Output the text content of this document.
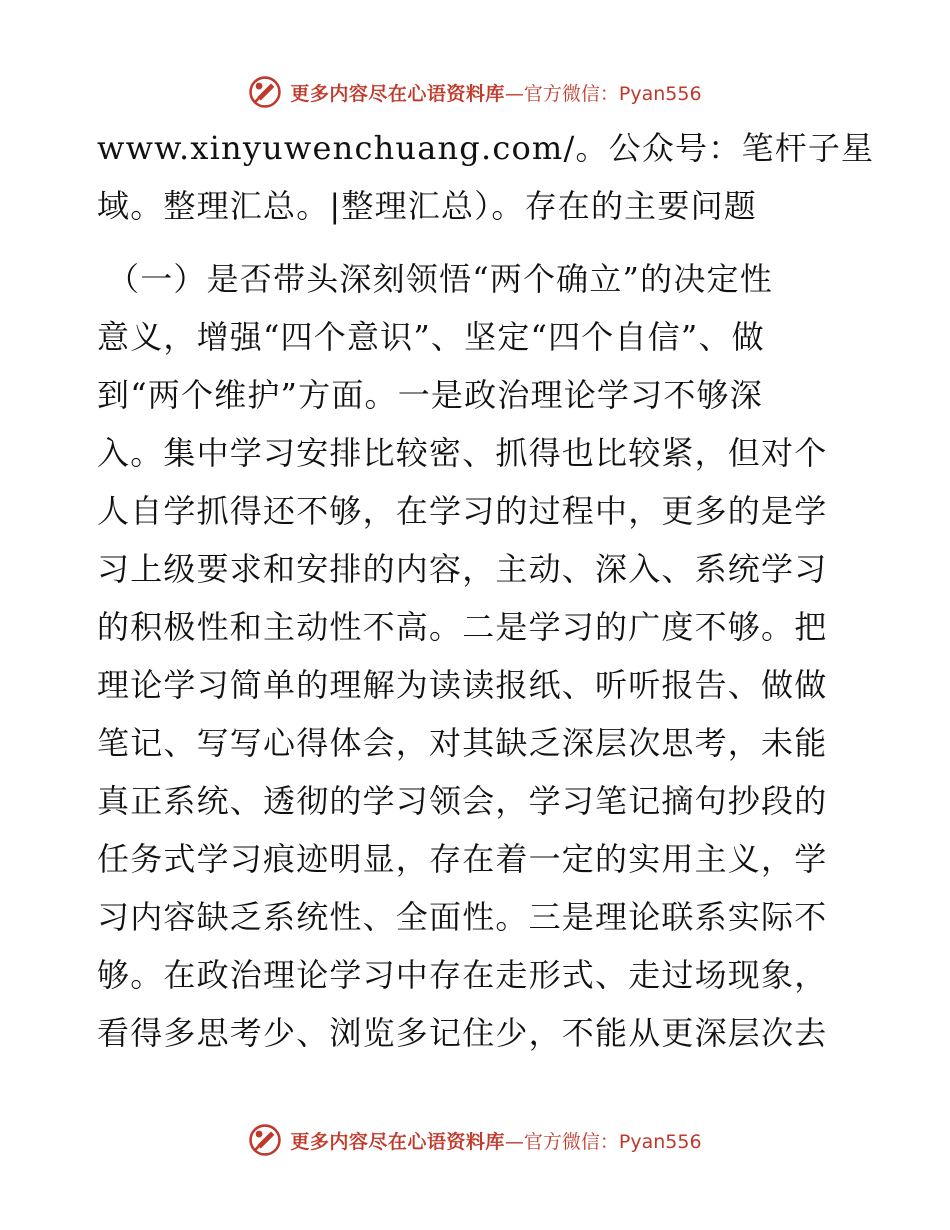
更多内容尽在心语资料库 —官方微信：Pyan556
www.xinyuwenchuang.com/。公众号：笔杆子星
域。整理汇总。|整理汇总）。存在的主要问题
（一）是否带头深刻领悟“两个确立”的决定性
意义，增强“四个意识”、坚定“四个自信”、做
到“两个维护”方面。一是政治理论学习不够深
入。集中学习安排比较密、抓得也比较紧，但对个
人自学抓得还不够，在学习的过程中，更多的是学
习上级要求和安排的内容，主动、深入、系统学习
的积极性和主动性不高。二是学习的广度不够。把
理论学习简单的理解为读读报纸、听听报告、做做
笔记、写写心得体会，对其缺乏深层次思考，未能
真正系统、透彻的学习领会，学习笔记摘句抄段的
任务式学习痕迹明显，存在着一定的实用主义，学
习内容缺乏系统性、全面性。三是理论联系实际不
够。在政治理论学习中存在走形式、走过场现象，
看得多思考少、浏览多记住少，不能从更深层次去
更多内容尽在心语资料库 —官方微信：Pyan556
